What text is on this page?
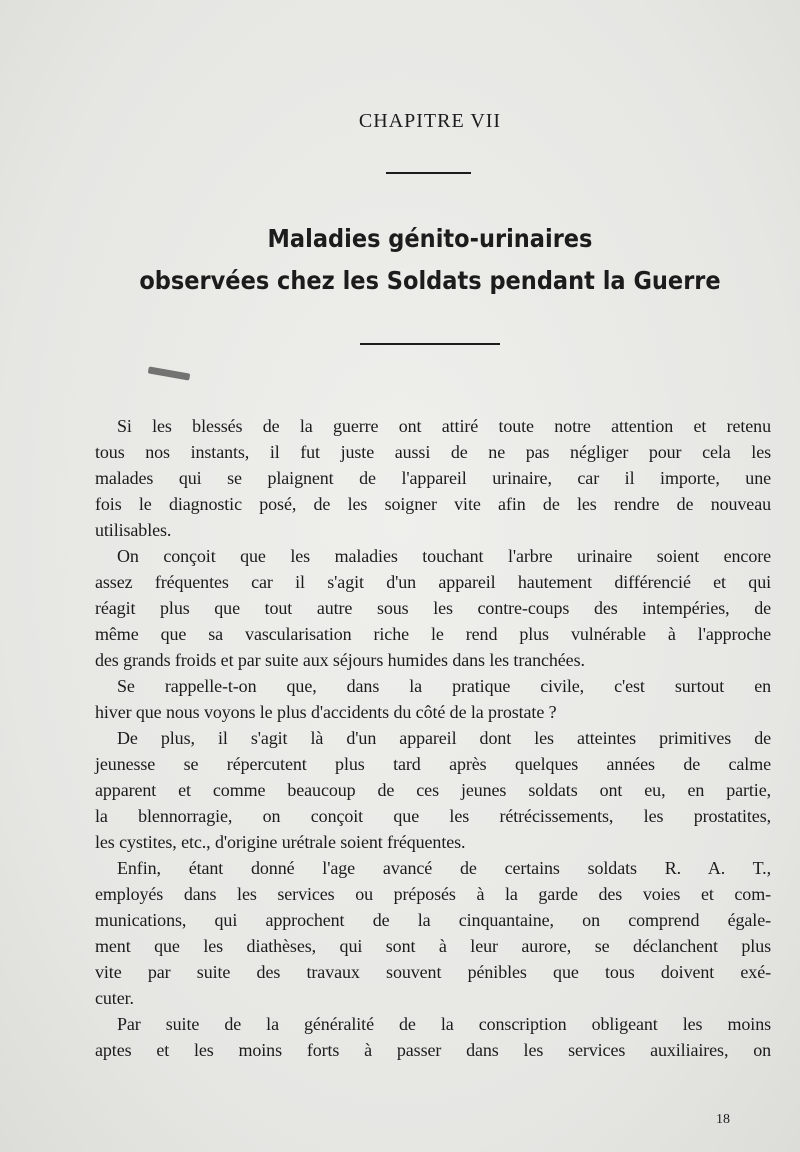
CHAPITRE VII
Maladies génito-urinaires
observées chez les Soldats pendant la Guerre

Si les blessés de la guerre ont attiré toute notre attention et retenu

tous nos instants, il fut juste aussi de ne pas négliger pour cela les

malades qui se plaignent de l'appareil urinaire, car il importe, une

fois le diagnostic posé, de les soigner vite afin de les rendre de nouveau

utilisables.

On conçoit que les maladies touchant l'arbre urinaire soient encore

assez fréquentes car il s'agit d'un appareil hautement différencié et qui

réagit plus que tout autre sous les contre-coups des intempéries, de

même que sa vascularisation riche le rend plus vulnérable à l'approche

des grands froids et par suite aux séjours humides dans les tranchées.

Se rappelle-t-on que, dans la pratique civile, c'est surtout en

hiver que nous voyons le plus d'accidents du côté de la prostate ?

De plus, il s'agit là d'un appareil dont les atteintes primitives de

jeunesse se répercutent plus tard après quelques années de calme

apparent et comme beaucoup de ces jeunes soldats ont eu, en partie,

la blennorragie, on conçoit que les rétrécissements, les prostatites,

les cystites, etc., d'origine urétrale soient fréquentes.

Enfin, étant donné l'age avancé de certains soldats R. A. T.,

employés dans les services ou préposés à la garde des voies et com-

munications, qui approchent de la cinquantaine, on comprend égale-

ment que les diathèses, qui sont à leur aurore, se déclanchent plus

vite par suite des travaux souvent pénibles que tous doivent exé-

cuter.

Par suite de la généralité de la conscription obligeant les moins

aptes et les moins forts à passer dans les services auxiliaires, on

18
